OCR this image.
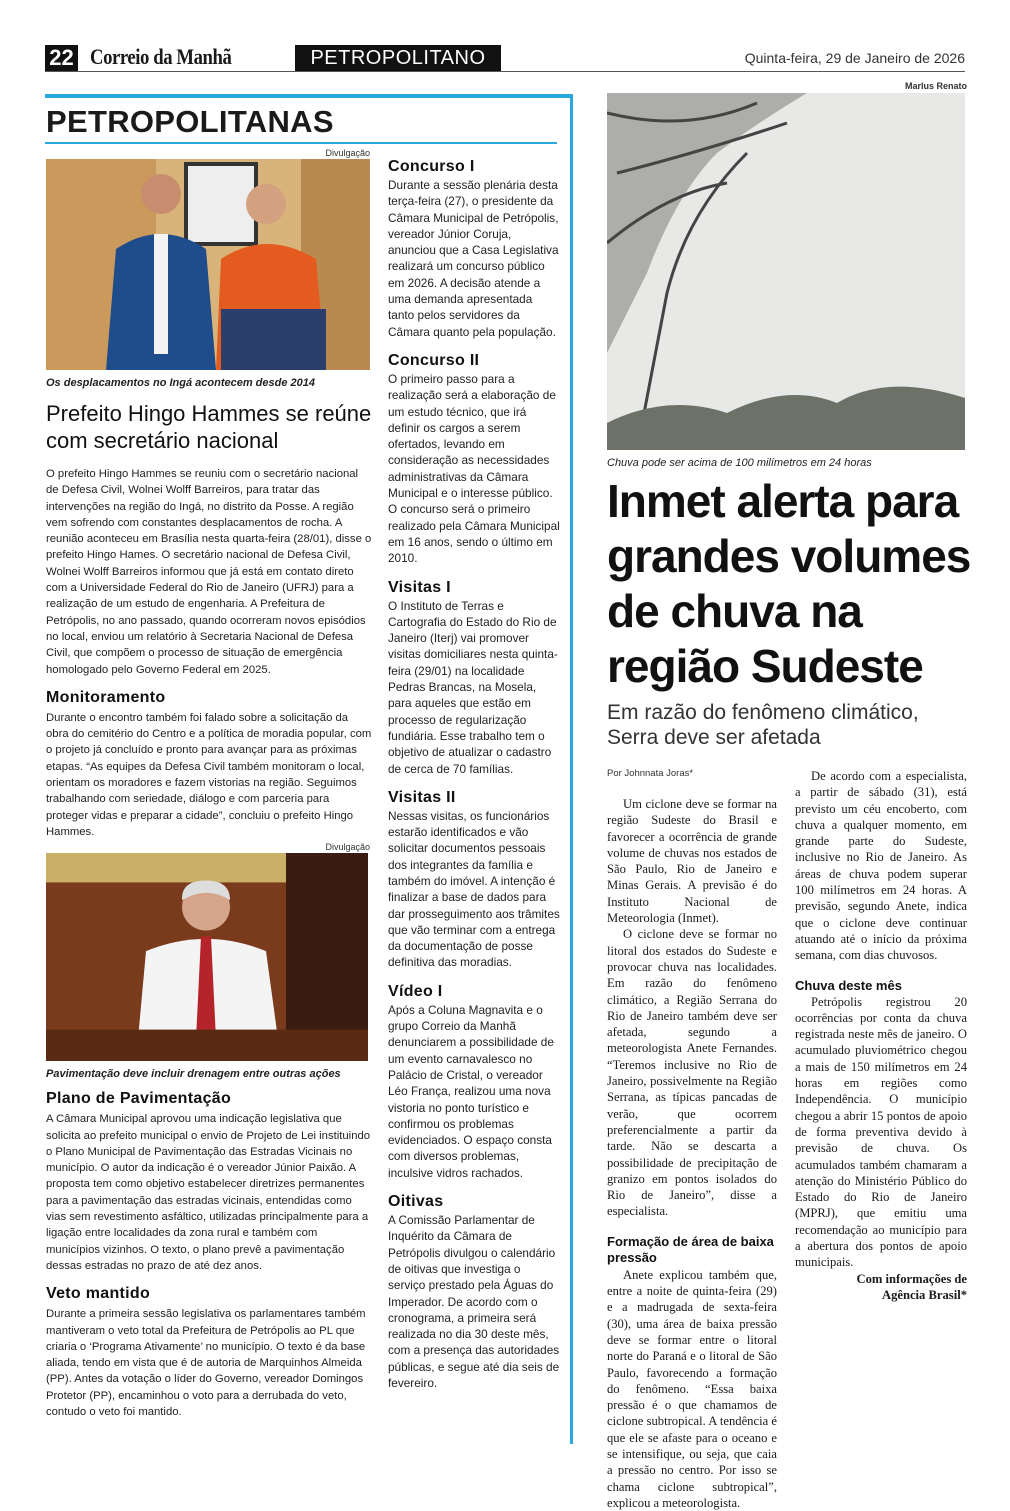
22 Correio da Manhã	PETROPOLITANO	Quinta-feira, 29 de Janeiro de 2026
PETROPOLITANAS
Divulgação
Os desplacamentos no Ingá acontecem desde 2014
Prefeito Hingo Hammes se reúne com secretário nacional
O prefeito Hingo Hammes se reuniu com o secretário nacional de Defesa Civil, Wolnei Wolff Barreiros, para tratar das intervenções na região do Ingá, no distrito da Posse. A região vem sofrendo com constantes desplacamentos de rocha. A reunião aconteceu em Brasília nesta quarta-feira (28/01), disse o prefeito Hingo Hames. O secretário nacional de Defesa Civil, Wolnei Wolff Barreiros informou que já está em contato direto com a Universidade Federal do Rio de Janeiro (UFRJ) para a realização de um estudo de engenharia. A Prefeitura de Petrópolis, no ano passado, quando ocorreram novos episódios no local, enviou um relatório à Secretaria Nacional de Defesa Civil, que compõem o processo de situação de emergência homologado pelo Governo Federal em 2025.
Monitoramento
Durante o encontro também foi falado sobre a solicitação da obra do cemitério do Centro e a política de moradia popular, com o projeto já concluído e pronto para avançar para as próximas etapas. “As equipes da Defesa Civil também monitoram o local, orientam os moradores e fazem vistorias na região. Seguimos trabalhando com seriedade, diálogo e com parceria para proteger vidas e preparar a cidade”, concluiu o prefeito Hingo Hammes.
Divulgação
Pavimentação deve incluir drenagem entre outras ações
Plano de Pavimentação
A Câmara Municipal aprovou uma indicação legislativa que solicita ao prefeito municipal o envio de Projeto de Lei instituindo o Plano Municipal de Pavimentação das Estradas Vicinais no município. O autor da indicação é o vereador Júnior Paixão. A proposta tem como objetivo estabelecer diretrizes permanentes para a pavimentação das estradas vicinais, entendidas como vias sem revestimento asfáltico, utilizadas principalmente para a ligação entre localidades da zona rural e também com municípios vizinhos. O texto, o plano prevê a pavimentação dessas estradas no prazo de até dez anos.
Veto mantido
Durante a primeira sessão legislativa os parlamentares também mantiveram o veto total da Prefeitura de Petrópolis ao PL que criaria o ‘Programa Ativamente’ no município. O texto é da base aliada, tendo em vista que é de autoria de Marquinhos Almeida (PP). Antes da votação o líder do Governo, vereador Domingos Protetor (PP), encaminhou o voto para a derrubada do veto, contudo o veto foi mantido.
Concurso I
Durante a sessão plenária desta terça-feira (27), o presidente da Câmara Municipal de Petrópolis, vereador Júnior Coruja, anunciou que a Casa Legislativa realizará um concurso público em 2026. A decisão atende a uma demanda apresentada tanto pelos servidores da Câmara quanto pela população.
Concurso II
O primeiro passo para a realização será a elaboração de um estudo técnico, que irá definir os cargos a serem ofertados, levando em consideração as necessidades administrativas da Câmara Municipal e o interesse público. O concurso será o primeiro realizado pela Câmara Municipal em 16 anos, sendo o último em 2010.
Visitas I
O Instituto de Terras e Cartografia do Estado do Rio de Janeiro (Iterj) vai promover visitas domiciliares nesta quinta-feira (29/01) na localidade Pedras Brancas, na Mosela, para aqueles que estão em processo de regularização fundiária. Esse trabalho tem o objetivo de atualizar o cadastro de cerca de 70 famílias.
Visitas II
Nessas visitas, os funcionários estarão identificados e vão solicitar documentos pessoais dos integrantes da família e também do imóvel. A intenção é finalizar a base de dados para dar prosseguimento aos trâmites que vão terminar com a entrega da documentação de posse definitiva das moradias.
Vídeo I
Após a Coluna Magnavita e o grupo Correio da Manhã denunciarem a possibilidade de um evento carnavalesco no Palácio de Cristal, o vereador Léo França, realizou uma nova vistoria no ponto turístico e confirmou os problemas evidenciados. O espaço consta com diversos problemas, inculsive vidros rachados.
Oitivas
A Comissão Parlamentar de Inquérito da Câmara de Petrópolis divulgou o calendário de oitivas que investiga o serviço prestado pela Águas do Imperador. De acordo com o cronograma, a primeira será realizada no dia 30 deste mês, com a presença das autoridades públicas, e segue até dia seis de fevereiro.
Marlus Renato
Chuva pode ser acima de 100 milímetros em 24 horas
Inmet alerta para grandes volumes de chuva na região Sudeste
Em razão do fenômeno climático, Serra deve ser afetada
Por Johnnata Joras*

Um ciclone deve se formar na região Sudeste do Brasil e favorecer a ocorrência de grande volume de chuvas nos estados de São Paulo, Rio de Janeiro e Minas Gerais. A previsão é do Instituto Nacional de Meteorologia (Inmet).

O ciclone deve se formar no litoral dos estados do Sudeste e provocar chuva nas localidades. Em razão do fenômeno climático, a Região Serrana do Rio de Janeiro também deve ser afetada, segundo a meteorologista Anete Fernandes. “Teremos inclusive no Rio de Janeiro, possivelmente na Região Serrana, as típicas pancadas de verão, que ocorrem preferencialmente a partir da tarde. Não se descarta a possibilidade de precipitação de granizo em pontos isolados do Rio de Janeiro”, disse a especialista.

Formação de área de baixa pressão

Anete explicou também que, entre a noite de quinta-feira (29) e a madrugada de sexta-feira (30), uma área de baixa pressão deve se formar entre o litoral norte do Paraná e o litoral de São Paulo, favorecendo a formação do fenômeno. “Essa baixa pressão é o que chamamos de ciclone subtropical. A tendência é que ele se afaste para o oceano e se intensifique, ou seja, que caia a pressão no centro. Por isso se chama ciclone subtropical”, explicou a meteorologista.

De acordo com a especialista, a partir de sábado (31), está previsto um céu encoberto, com chuva a qualquer momento, em grande parte do Sudeste, inclusive no Rio de Janeiro. As áreas de chuva podem superar 100 milímetros em 24 horas. A previsão, segundo Anete, indica que o ciclone deve continuar atuando até o início da próxima semana, com dias chuvosos.

Chuva deste mês

Petrópolis registrou 20 ocorrências por conta da chuva registrada neste mês de janeiro. O acumulado pluviométrico chegou a mais de 150 milímetros em 24 horas em regiões como Independência. O município chegou a abrir 15 pontos de apoio de forma preventiva devido à previsão de chuva. Os acumulados também chamaram a atenção do Ministério Público do Estado do Rio de Janeiro (MPRJ), que emitiu uma recomendação ao município para a abertura dos pontos de apoio municipais.

Com informações de Agência Brasil*
